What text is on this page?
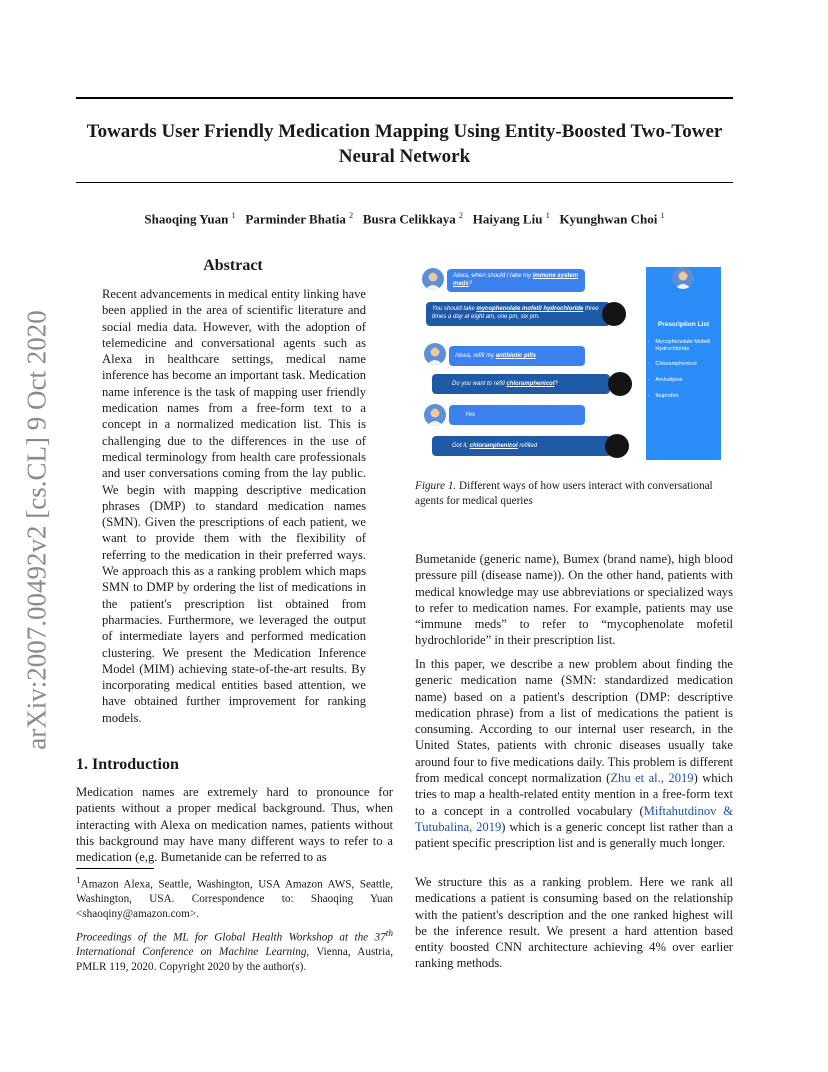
Towards User Friendly Medication Mapping Using Entity-Boosted Two-Tower Neural Network
Shaoqing Yuan $^1$ Parminder Bhatia $^2$ Busra Celikkaya $^2$ Haiyang Liu $^1$ Kyunghwan Choi $^1$
arXiv:2007.00492v2 [cs.CL] 9 Oct 2020
Abstract

Recent advancements in medical entity linking have been applied in the area of scientific literature and social media data. However, with the adoption of telemedicine and conversational agents such as Alexa in healthcare settings, medical name inference has become an important task. Medication name inference is the task of mapping user friendly medication names from a free-form text to a concept in a normalized medication list. This is challenging due to the differences in the use of medical terminology from health care professionals and user conversations coming from the lay public. We begin with mapping descriptive medication phrases (DMP) to standard medication names (SMN). Given the prescriptions of each patient, we want to provide them with the flexibility of referring to the medication in their preferred ways. We approach this as a ranking problem which maps SMN to DMP by ordering the list of medications in the patient's prescription list obtained from pharmacies. Furthermore, we leveraged the output of intermediate layers and performed medication clustering. We present the Medication Inference Model (MIM) achieving state-of-the-art results. By incorporating medical entities based attention, we have obtained further improvement for ranking models.

1. Introduction

Medication names are extremely hard to pronounce for patients without a proper medical background. Thus, when interacting with Alexa on medication names, patients without this background may have many different ways to refer to a medication (e,g. Bumetanide can be referred to as

$^1$Amazon Alexa, Seattle, Washington, USA Amazon AWS, Seattle, Washington, USA. Correspondence to: Shaoqing Yuan <shaoqiny@amazon.com>.

Proceedings of the ML for Global Health Workshop at the 37th International Conference on Machine Learning, Vienna, Austria, PMLR 119, 2020. Copyright 2020 by the author(s).

Alexa, when should I take my immune system meds?
You should take mycophenolate mofetil hydrochloride three times a day at eight am, one pm, six pm.
Alexa, refill my antibiotic pills
Do you want to refill chloramphenicol?
Yes
Got it, chloramphenicol refilled
Prescription List
- Mycophenolate Mofetil Hydrochloride
- Chloramphenicol
- Amlodipine
- Ibuprofen

Figure 1. Different ways of how users interact with conversational agents for medical queries

Bumetanide (generic name), Bumex (brand name), high blood pressure pill (disease name)). On the other hand, patients with medical knowledge may use abbreviations or specialized ways to refer to medication names. For example, patients may use “immune meds” to refer to “mycophenolate mofetil hydrochloride” in their prescription list.

In this paper, we describe a new problem about finding the generic medication name (SMN: standardized medication name) based on a patient's description (DMP: descriptive medication phrase) from a list of medications the patient is consuming. According to our internal user research, in the United States, patients with chronic diseases usually take around four to five medications daily. This problem is different from medical concept normalization (Zhu et al., 2019) which tries to map a health-related entity mention in a free-form text to a concept in a controlled vocabulary (Miftahutdinov & Tutubalina, 2019) which is a generic concept list rather than a patient specific prescription list and is generally much longer.

We structure this as a ranking problem. Here we rank all medications a patient is consuming based on the relationship with the patient's description and the one ranked highest will be the inference result. We present a hard attention based entity boosted CNN architecture achieving 4% over earlier ranking methods.
